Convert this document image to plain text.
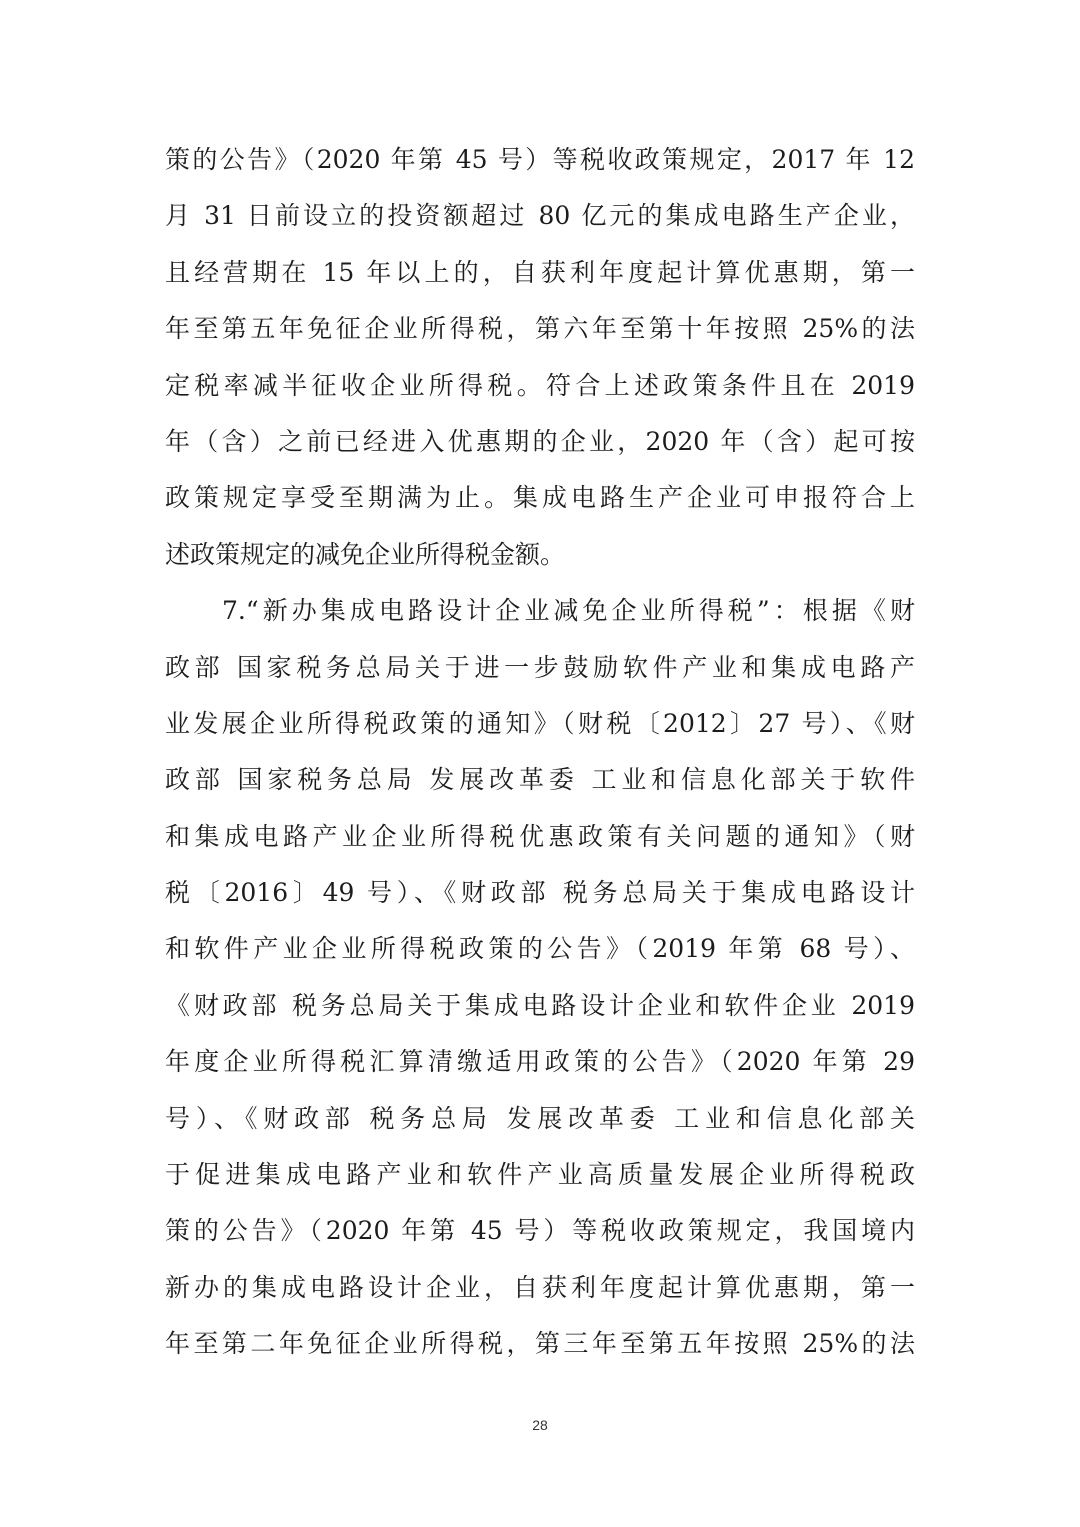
策的公告》（2020 年第 45 号）等税收政策规定，2017 年 12
月 31 日前设立的投资额超过 80 亿元的集成电路生产企业，
且经营期在 15 年以上的，自获利年度起计算优惠期，第一
年至第五年免征企业所得税，第六年至第十年按照 25%的法
定税率减半征收企业所得税。符合上述政策条件且在 2019
年（含）之前已经进入优惠期的企业，2020 年（含）起可按
政策规定享受至期满为止。集成电路生产企业可申报符合上
述政策规定的减免企业所得税金额。
7.“新办集成电路设计企业减免企业所得税”：根据《财
政部 国家税务总局关于进一步鼓励软件产业和集成电路产
业发展企业所得税政策的通知》（财税〔2012〕27 号）、《财
政部 国家税务总局 发展改革委 工业和信息化部关于软件
和集成电路产业企业所得税优惠政策有关问题的通知》（财
税〔2016〕49 号）、《财政部 税务总局关于集成电路设计
和软件产业企业所得税政策的公告》（2019 年第 68 号）、
《财政部 税务总局关于集成电路设计企业和软件企业 2019
年度企业所得税汇算清缴适用政策的公告》（2020 年第 29
号）、《财政部 税务总局 发展改革委 工业和信息化部关
于促进集成电路产业和软件产业高质量发展企业所得税政
策的公告》（2020 年第 45 号）等税收政策规定，我国境内
新办的集成电路设计企业，自获利年度起计算优惠期，第一
年至第二年免征企业所得税，第三年至第五年按照 25%的法
28
